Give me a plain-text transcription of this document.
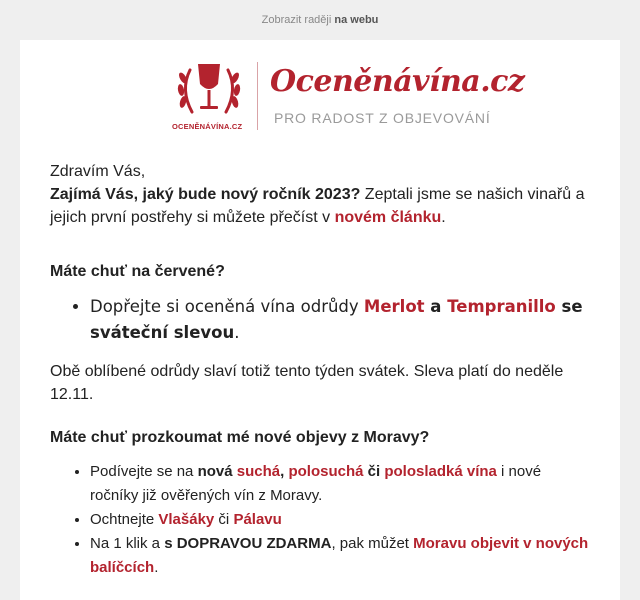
Zobrazit raději na webu
OCENĚNÁVÍNA.CZ
Oceněnávína.cz
PRO RADOST Z OBJEVOVÁNÍ

Zdravím Vás,
Zajímá Vás, jaký bude nový ročník 2023? Zeptali jsme se našich vinařů a jejich první postřehy si můžete přečíst v novém článku.

Máte chuť na červené?

• Dopřejte si oceněná vína odrůdy Merlot a Tempranillo se sváteční slevou.

Obě oblíbené odrůdy slaví totiž tento týden svátek. Sleva platí do neděle 12.11.

Máte chuť prozkoumat mé nové objevy z Moravy?

• Podívejte se na nová suchá, polosuchá či polosladká vína i nové ročníky již ověřených vín z Moravy.
• Ochtnejte Vlašáky či Pálavu
• Na 1 klik a s DOPRAVOU ZDARMA, pak můžet Moravu objevit v nových balíčcích.
